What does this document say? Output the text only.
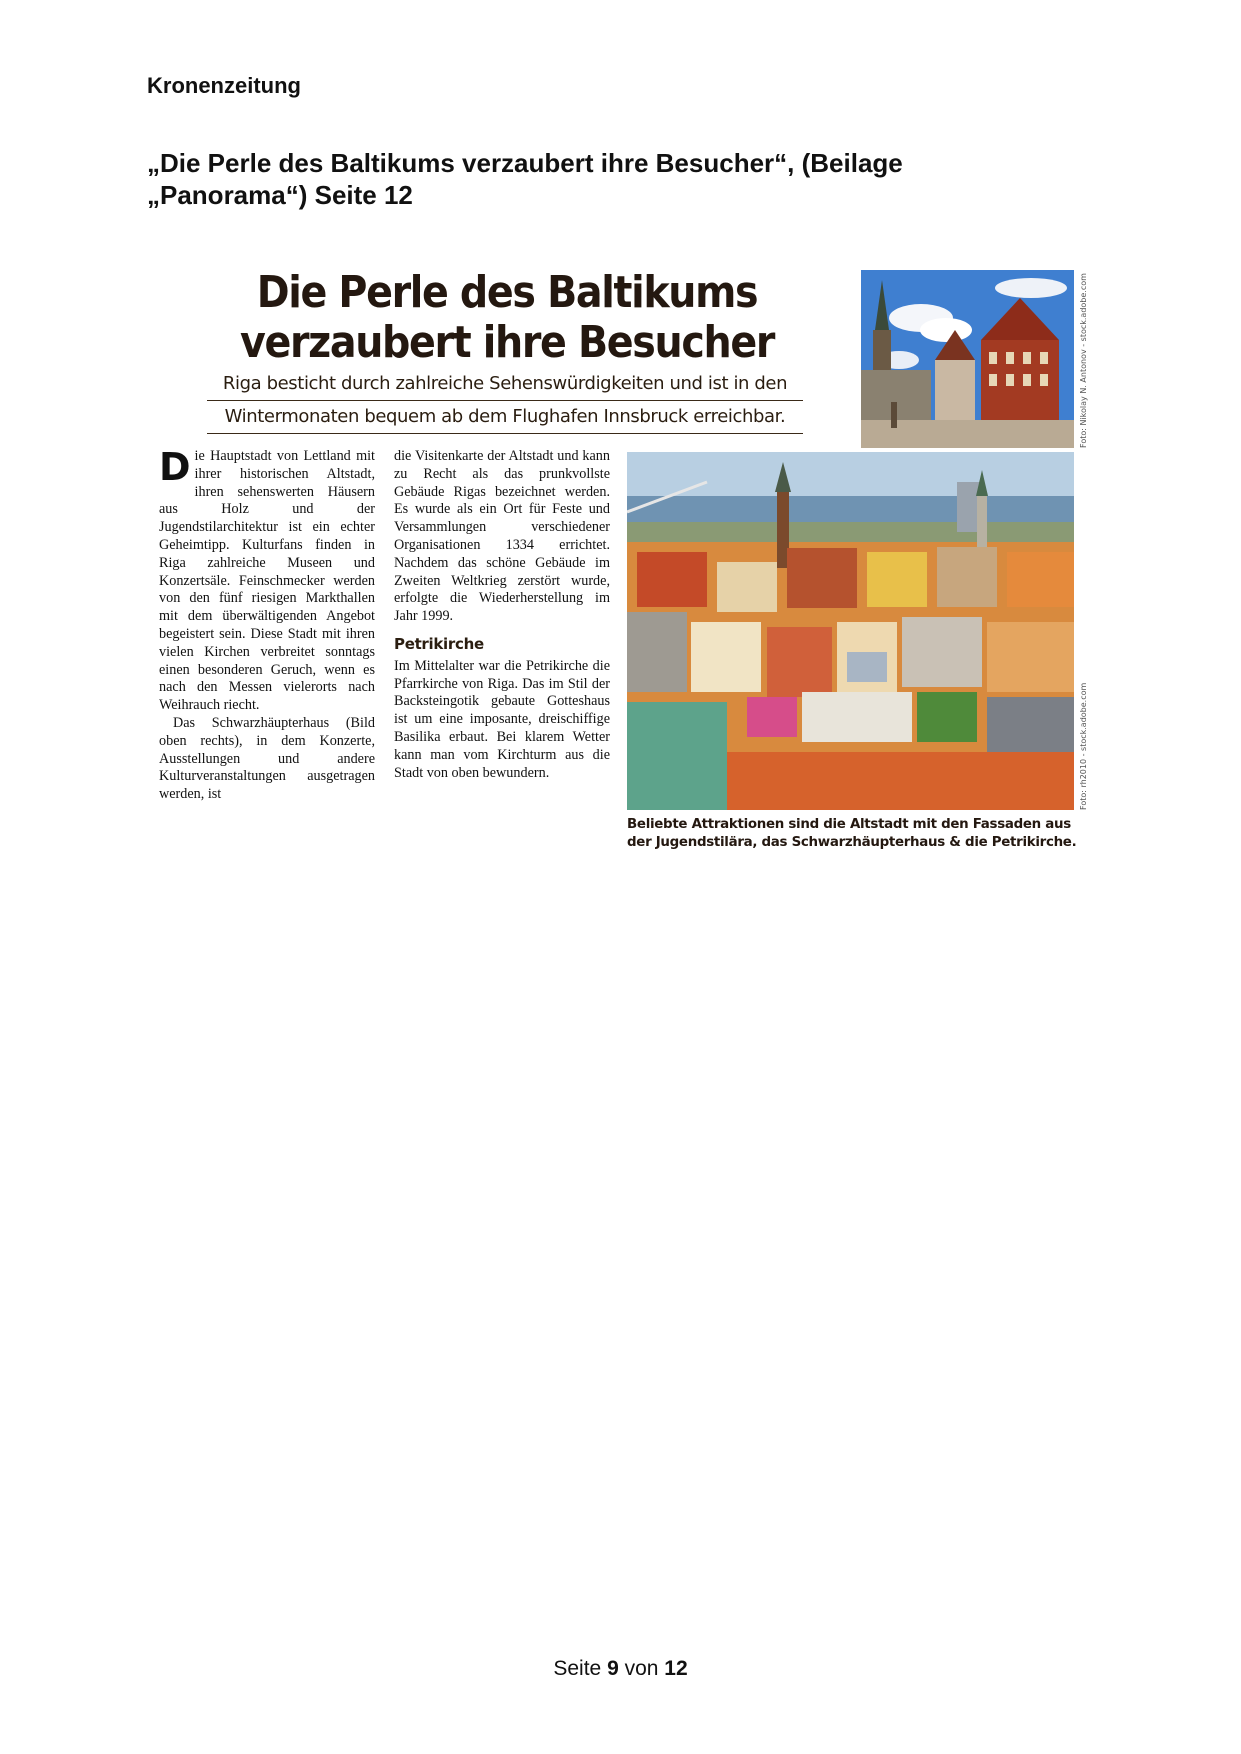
Kronenzeitung
„Die Perle des Baltikums verzaubert ihre Besucher“, (Beilage „Panorama“) Seite 12
Die Perle des Baltikums verzaubert ihre Besucher
Riga besticht durch zahlreiche Sehenswürdigkeiten und ist in den
Wintermonaten bequem ab dem Flughafen Innsbruck erreichbar.

Die Hauptstadt von Lettland mit ihrer historischen Altstadt, ihren sehenswerten Häusern aus Holz und der Jugendstilarchitektur ist ein echter Geheimtipp. Kulturfans finden in Riga zahlreiche Museen und Konzertsäle. Feinschmecker werden von den fünf riesigen Markthallen mit dem überwältigenden Angebot begeistert sein. Diese Stadt mit ihren vielen Kirchen verbreitet sonntags einen besonderen Geruch, wenn es nach den Messen vielerorts nach Weihrauch riecht.

Das Schwarzhäupterhaus (Bild oben rechts), in dem Konzerte, Ausstellungen und andere Kulturveranstaltungen ausgetragen werden, ist

die Visitenkarte der Altstadt und kann zu Recht als das prunkvollste Gebäude Rigas bezeichnet werden. Es wurde als ein Ort für Feste und Versammlungen verschiedener Organisationen 1334 errichtet. Nachdem das schöne Gebäude im Zweiten Weltkrieg zerstört wurde, erfolgte die Wiederherstellung im Jahr 1999.

Petrikirche

Im Mittelalter war die Petrikirche die Pfarrkirche von Riga. Das im Stil der Backsteingotik gebaute Gotteshaus ist um eine imposante, dreischiffige Basilika erbaut. Bei klarem Wetter kann man vom Kirchturm aus die Stadt von oben bewundern.

Foto: Nikolay N. Antonov - stock.adobe.com
Foto: rh2010 - stock.adobe.com
Beliebte Attraktionen sind die Altstadt mit den Fassaden aus der Jugendstilära, das Schwarzhäupterhaus & die Petrikirche.
Seite 9 von 12
